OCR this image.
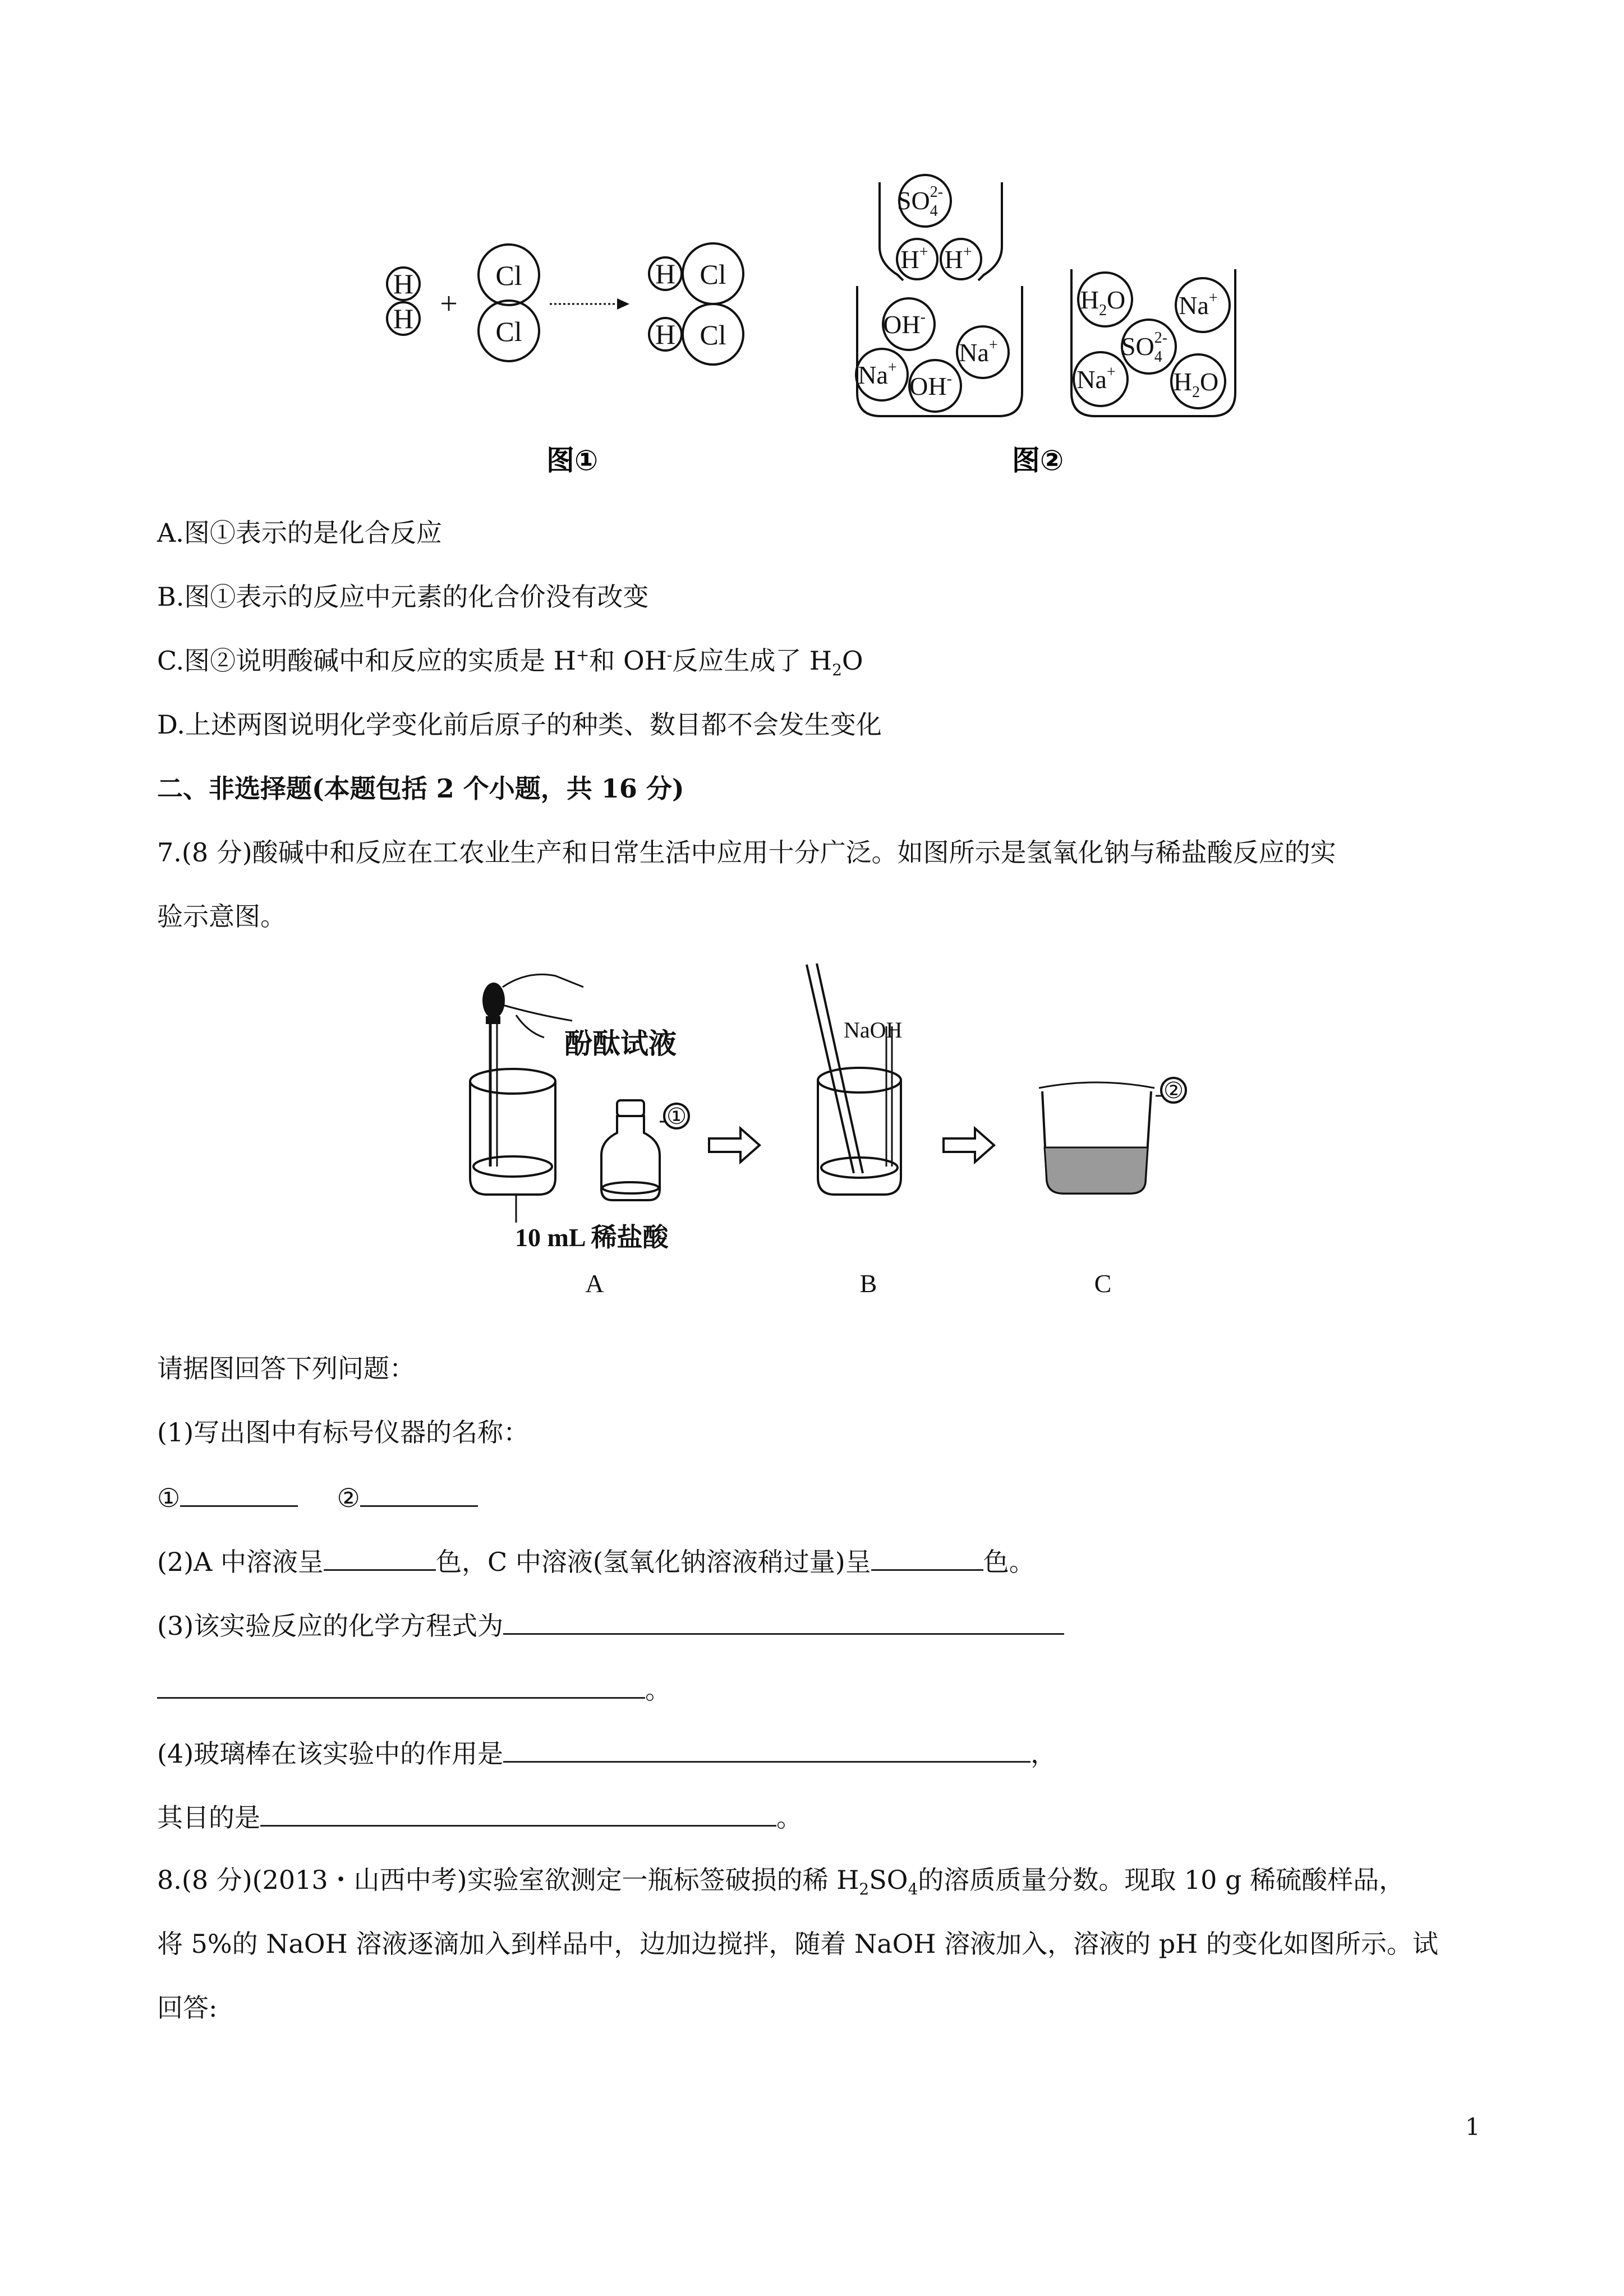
H
H +
Cl
Cl
H Cl
H Cl
图①
$SO_42-$
H+ H+
OH-
Na+
Na+
OH-
$H_2O$ Na+
$SO_42-$
Na+ $H_2O$
图②
A.图①表示的是化合反应
B.图①表示的反应中元素的化合价没有改变
C.图②说明酸碱中和反应的实质是 H+和 OH-反应生成了 $H_2O$
D.上述两图说明化学变化前后原子的种类、数目都不会发生变化
二、非选择题(本题包括 2 个小题，共 16 分)
7.(8 分)酸碱中和反应在工农业生产和日常生活中应用十分广泛。如图所示是氢氧化钠与稀盐酸反应的实
验示意图。
酚酞试液	NaOH
10 mL 稀盐酸
①
②
A	B	C
请据图回答下列问题：
(1)写出图中有标号仪器的名称：
①	②
(2)A 中溶液呈	色，C 中溶液(氢氧化钠溶液稍过量)呈	色。
(3)该实验反应的化学方程式为
。
(4)玻璃棒在该实验中的作用是	，
其目的是	。
8.(8 分)(2013・山西中考)实验室欲测定一瓶标签破损的稀 $H_2SO_4$的溶质质量分数。现取 10 g 稀硫酸样品，
将 5%的 NaOH 溶液逐滴加入到样品中，边加边搅拌，随着 NaOH 溶液加入，溶液的 pH 的变化如图所示。试
回答:
1
